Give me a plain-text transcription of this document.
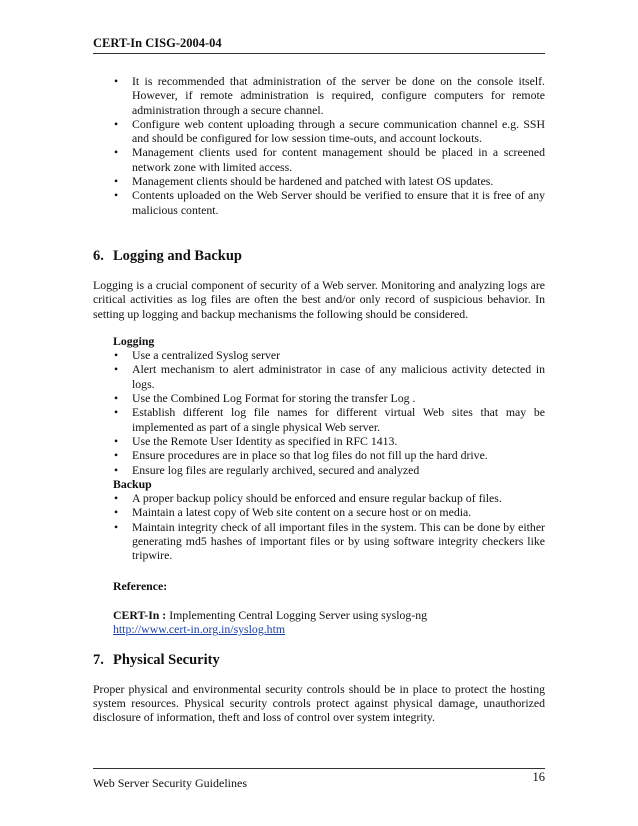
CERT-In CISG-2004-04
• It is recommended that administration of the server be done on the console itself. However, if remote administration is required, configure computers for remote administration through a secure channel.
• Configure web content uploading through a secure communication channel e.g. SSH and should be configured for low session time-outs, and account lockouts.
• Management clients used for content management should be placed in a screened network zone with limited access.
• Management clients should be hardened and patched with latest OS updates.
• Contents uploaded on the Web Server should be verified to ensure that it is free of any malicious content.
6. Logging and Backup

Logging is a crucial component of security of a Web server. Monitoring and analyzing logs are critical activities as log files are often the best and/or only record of suspicious behavior. In setting up logging and backup mechanisms the following should be considered.

Logging

• Use a centralized Syslog server
• Alert mechanism to alert administrator in case of any malicious activity detected in logs.
• Use the Combined Log Format for storing the transfer Log .
• Establish different log file names for different virtual Web sites that may be implemented as part of a single physical Web server.
• Use the Remote User Identity as specified in RFC 1413.
• Ensure procedures are in place so that log files do not fill up the hard drive.
• Ensure log files are regularly archived, secured and analyzed

Backup

• A proper backup policy should be enforced and ensure regular backup of files.
• Maintain a latest copy of Web site content on a secure host or on media.
• Maintain integrity check of all important files in the system. This can be done by either generating md5 hashes of important files or by using software integrity checkers like tripwire.

Reference:

CERT-In : Implementing Central Logging Server using syslog-ng

http://www.cert-in.org.in/syslog.htm

7. Physical Security

Proper physical and environmental security controls should be in place to protect the hosting system resources. Physical security controls protect against physical damage, unauthorized disclosure of information, theft and loss of control over system integrity.

Web Server Security Guidelines	16
